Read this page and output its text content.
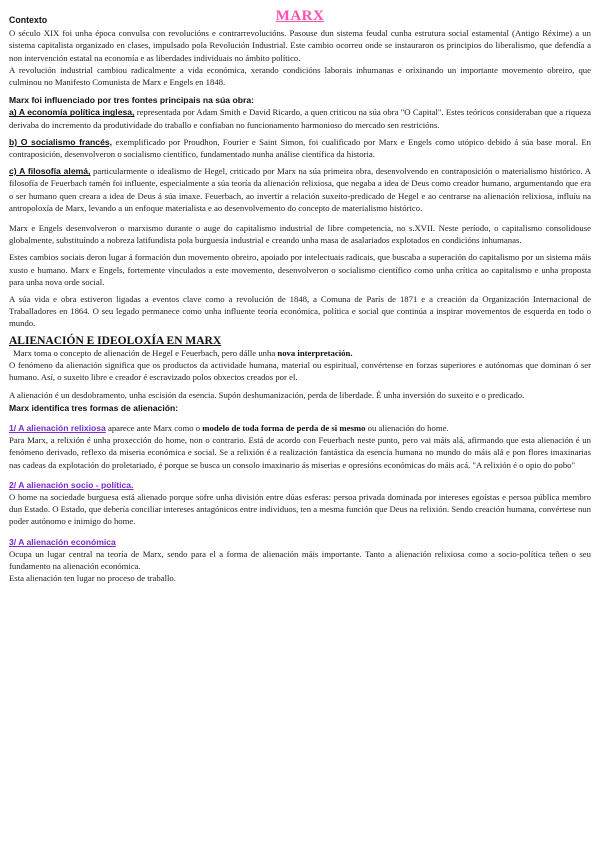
MARX

Contexto

O século XIX foi unha época convulsa con revolucións e contrarrevolucións. Pasouse dun sistema feudal cunha estrutura social estamental (Antigo Réxime) a un sistema capitalista organizado en clases, impulsado pola Revolución Industrial. Este cambio ocorreu onde se instauraron os principios do liberalismo, que defendía a non intervención estatal na economía e as liberdades individuais no ámbito político.

A revolución industrial cambiou radicalmente a vida económica, xerando condicións laborais inhumanas e orixinando un importante movemento obreiro, que culminou no Manifesto Comunista de Marx e Engels en 1848.

Marx foi influenciado por tres fontes principais na súa obra:

a) A economía política inglesa, representada por Adam Smith e David Ricardo, a quen criticou na súa obra "O Capital". Estes teóricos consideraban que a riqueza derivaba do incremento da produtividade do traballo e confiaban no funcionamento harmonioso do mercado sen restricións.

b) O socialismo francés, exemplificado por Proudhon, Fourier e Saint Simon, foi cualificado por Marx e Engels como utópico debido á súa base moral. En contraposición, desenvolveron o socialismo científico, fundamentado nunha análise científica da historia.

c) A filosofía alemá, particularmente o idealismo de Hegel, criticado por Marx na súa primeira obra, desenvolvendo en contraposición o materialismo histórico. A filosofía de Feuerbach tamén foi influente, especialmente a súa teoría da alienación relixiosa, que negaba a idea de Deus como creador humano, argumentando que era o ser humano quen creara a idea de Deus á súa imaxe. Feuerbach, ao invertir a relación suxeito-predicado de Hegel e ao centrarse na alienación relixiosa, influíu na antropoloxía de Marx, levando a un enfoque materialista e ao desenvolvemento do concepto de materialismo histórico.

Marx e Engels desenvolveron o marxismo durante o auge do capitalismo industrial de libre competencia, no s.XVII. Neste período, o capitalismo consolidouse globalmente, substituíndo a nobreza latifundista pola burguesía industrial e creando unha masa de asalariados explotados en condicións inhumanas.

Estes cambios sociais deron lugar á formación dun movemento obreiro, apoiado por intelectuais radicais, que buscaba a superación do capitalismo por un sistema máis xusto e humano. Marx e Engels, fortemente vinculados a este movemento, desenvolveron o socialismo científico como unha crítica ao capitalismo e unha proposta para unha nova orde social.

A súa vida e obra estiveron ligadas a eventos clave como a revolución de 1848, a Comuna de París de 1871 e a creación da Organización Internacional de Traballadores en 1864. O seu legado permanece como unha influente teoría económica, política e social que continúa a inspirar movementos de esquerda en todo o mundo.

ALIENACIÓN E IDEOLOXÍA EN MARX

Marx toma o concepto de alienación de Hegel e Feuerbach, pero dálle unha nova interpretación.

O fenómeno da alienación significa que os productos da actividade humana, material ou espiritual, convértense en forzas superiores e autónomas que dominan ó ser humano. Así, o suxeito libre e creador é escravizado polos obxectos creados por el.

A alienación é un desdobramento, unha escisión da esencia. Supón deshumanización, perda de liberdade. É unha inversión do suxeito e o predicado.

Marx identifica tres formas de alienación:

1/ A alienación relixiosa aparece ante Marx como o modelo de toda forma de perda de si mesmo ou alienación do home.

Para Marx, a relixión é unha proxección do home, non o contrario. Está de acordo con Feuerbach neste punto, pero vai máis alá, afirmando que esta alienación é un fenómeno derivado, reflexo da miseria económica e social. Se a relixión é a realización fantástica da esencia humana no mundo do máis alá e pon flores imaxinarias nas cadeas da explotación do proletariado, é porque se busca un consolo imaxinario ás miserias e opresións económicas do máis acá. "A relixión é o opio do pobo"

2/ A alienación socio - política.

O home na sociedade burguesa está alienado porque sofre unha división entre dúas esferas: persoa privada dominada por intereses egoístas e persoa pública membro dun Estado. O Estado, que debería conciliar intereses antagónicos entre individuos, ten a mesma función que Deus na relixión. Sendo creación humana, convértese nun poder autónomo e inimigo do home.

3/ A alienación económica

Ocupa un lugar central na teoría de Marx, sendo para el a forma de alienación máis importante. Tanto a alienación relixiosa como a socio-política teñen o seu fundamento na alienación económica.

Esta alienación ten lugar no proceso de traballo.
